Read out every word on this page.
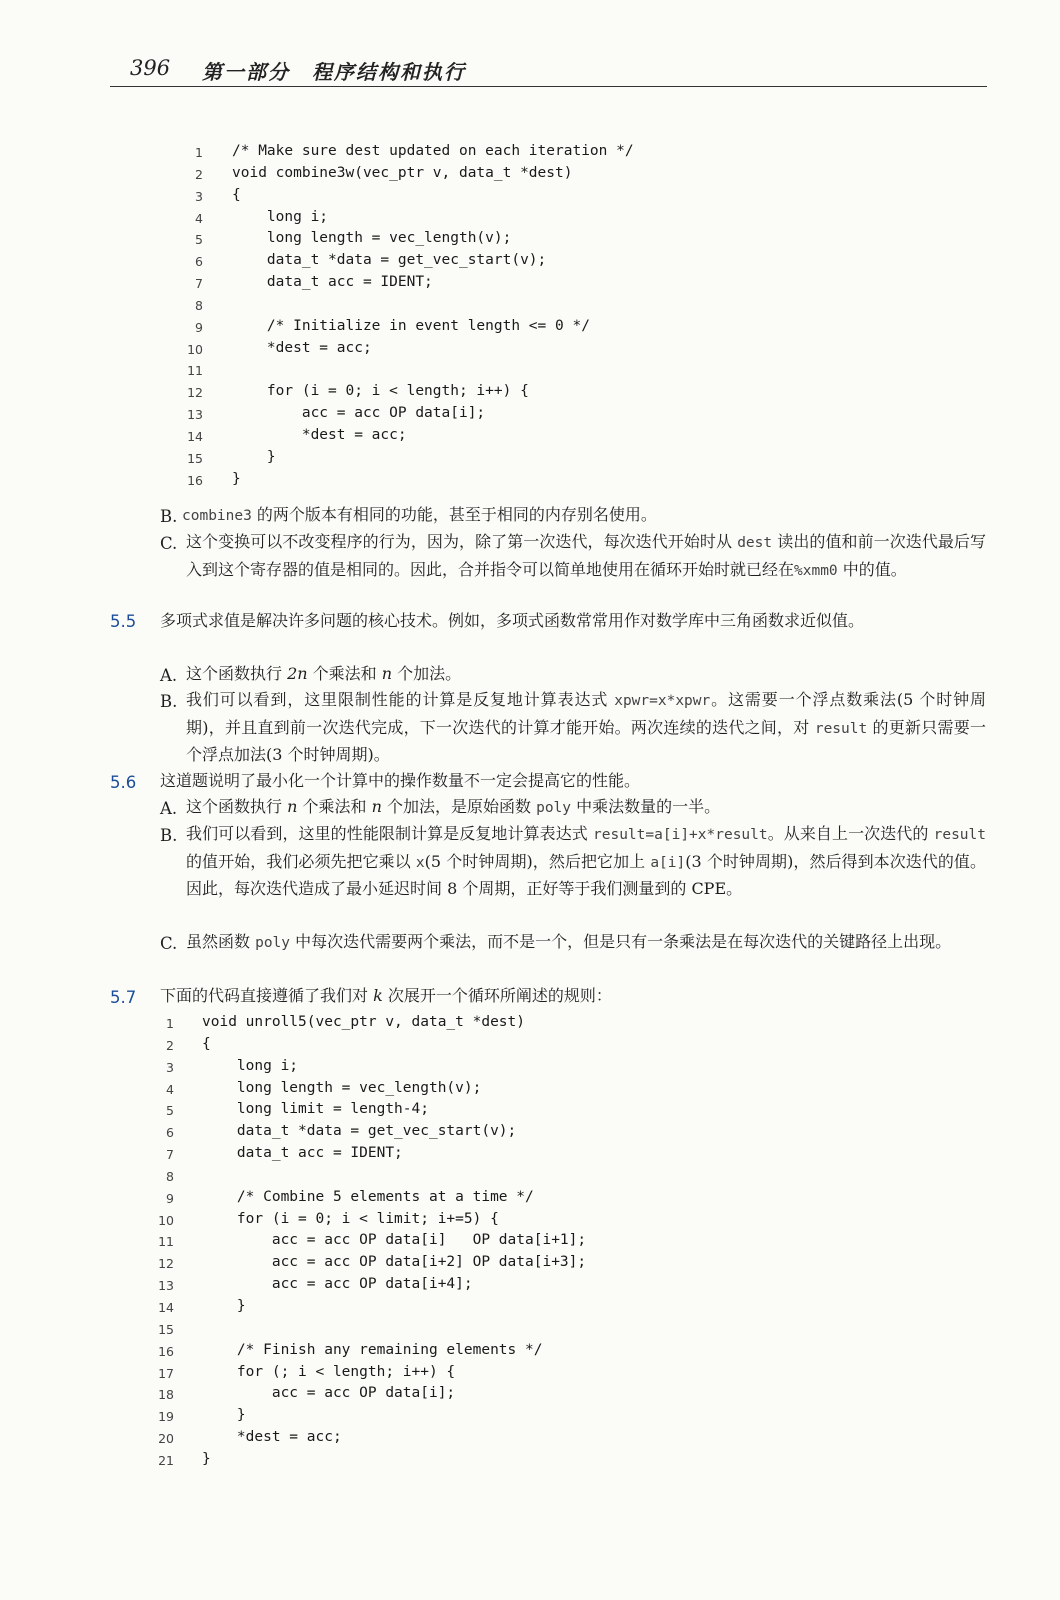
396 第一部分　程序结构和执行
1 /* Make sure dest updated on each iteration */
2 void combine3w(vec_ptr v, data_t *dest)
3 {
4 long i;
5 long length = vec_length(v);
6 data_t *data = get_vec_start(v);
7 data_t acc = IDENT;
8
9 /* Initialize in event length <= 0 */
10 *dest = acc;
11
12 for (i = 0; i < length; i++) {
13 acc = acc OP data[i];
14 *dest = acc;
15 }
16 }
B. combine3 的两个版本有相同的功能，甚至于相同的内存别名使用。
C. 这个变换可以不改变程序的行为，因为，除了第一次迭代，每次迭代开始时从 dest 读出的值和前一次迭代最后写入到这个寄存器的值是相同的。因此，合并指令可以简单地使用在循环开始时就已经在%xmm0 中的值。
5.5 多项式求值是解决许多问题的核心技术。例如，多项式函数常常用作对数学库中三角函数求近似值。
A. 这个函数执行 2n 个乘法和 n 个加法。
B. 我们可以看到，这里限制性能的计算是反复地计算表达式 xpwr=x*xpwr。这需要一个浮点数乘法(5 个时钟周期)，并且直到前一次迭代完成，下一次迭代的计算才能开始。两次连续的迭代之间，对 result 的更新只需要一个浮点加法(3 个时钟周期)。
5.6 这道题说明了最小化一个计算中的操作数量不一定会提高它的性能。
A. 这个函数执行 n 个乘法和 n 个加法，是原始函数 poly 中乘法数量的一半。
B. 我们可以看到，这里的性能限制计算是反复地计算表达式 result=a[i]+x*result。从来自上一次迭代的 result 的值开始，我们必须先把它乘以 x(5 个时钟周期)，然后把它加上 a[i](3 个时钟周期)，然后得到本次迭代的值。因此，每次迭代造成了最小延迟时间 8 个周期，正好等于我们测量到的 CPE。
C. 虽然函数 poly 中每次迭代需要两个乘法，而不是一个，但是只有一条乘法是在每次迭代的关键路径上出现。
5.7 下面的代码直接遵循了我们对 k 次展开一个循环所阐述的规则：
1 void unroll5(vec_ptr v, data_t *dest)
2 {
3 long i;
4 long length = vec_length(v);
5 long limit = length-4;
6 data_t *data = get_vec_start(v);
7 data_t acc = IDENT;
8
9 /* Combine 5 elements at a time */
10 for (i = 0; i < limit; i+=5) {
11 acc = acc OP data[i]   OP data[i+1];
12 acc = acc OP data[i+2] OP data[i+3];
13 acc = acc OP data[i+4];
14 }
15
16 /* Finish any remaining elements */
17 for (; i < length; i++) {
18 acc = acc OP data[i];
19 }
20 *dest = acc;
21 }
